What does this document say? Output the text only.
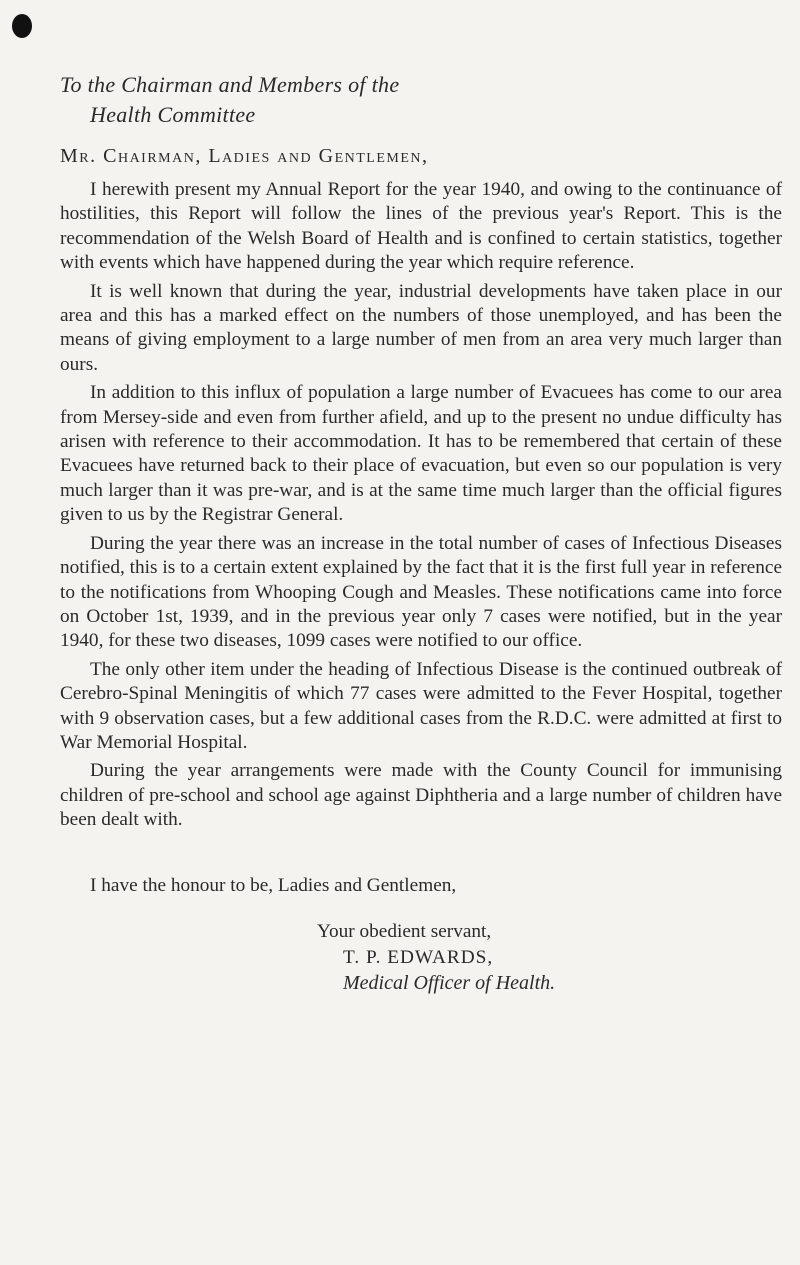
To the Chairman and Members of the
Health Committee
Mr. Chairman, Ladies and Gentlemen,

I herewith present my Annual Report for the year 1940, and owing to the continuance of hostilities, this Report will follow the lines of the previous year's Report. This is the recommendation of the Welsh Board of Health and is confined to certain statistics, together with events which have happened during the year which require reference.

It is well known that during the year, industrial developments have taken place in our area and this has a marked effect on the numbers of those unemployed, and has been the means of giving employment to a large number of men from an area very much larger than ours.

In addition to this influx of population a large number of Evacuees has come to our area from Mersey-side and even from further afield, and up to the present no undue difficulty has arisen with reference to their accommodation. It has to be remembered that certain of these Evacuees have returned back to their place of evacuation, but even so our population is very much larger than it was pre-war, and is at the same time much larger than the official figures given to us by the Registrar General.

During the year there was an increase in the total number of cases of Infectious Diseases notified, this is to a certain extent explained by the fact that it is the first full year in reference to the notifications from Whooping Cough and Measles. These notifications came into force on October 1st, 1939, and in the previous year only 7 cases were notified, but in the year 1940, for these two diseases, 1099 cases were notified to our office.

The only other item under the heading of Infectious Disease is the continued outbreak of Cerebro-Spinal Meningitis of which 77 cases were admitted to the Fever Hospital, together with 9 observation cases, but a few additional cases from the R.D.C. were admitted at first to War Memorial Hospital.

During the year arrangements were made with the County Council for immunising children of pre-school and school age against Diphtheria and a large number of children have been dealt with.

I have the honour to be, Ladies and Gentlemen,
Your obedient servant,
T. P. EDWARDS,
Medical Officer of Health.
